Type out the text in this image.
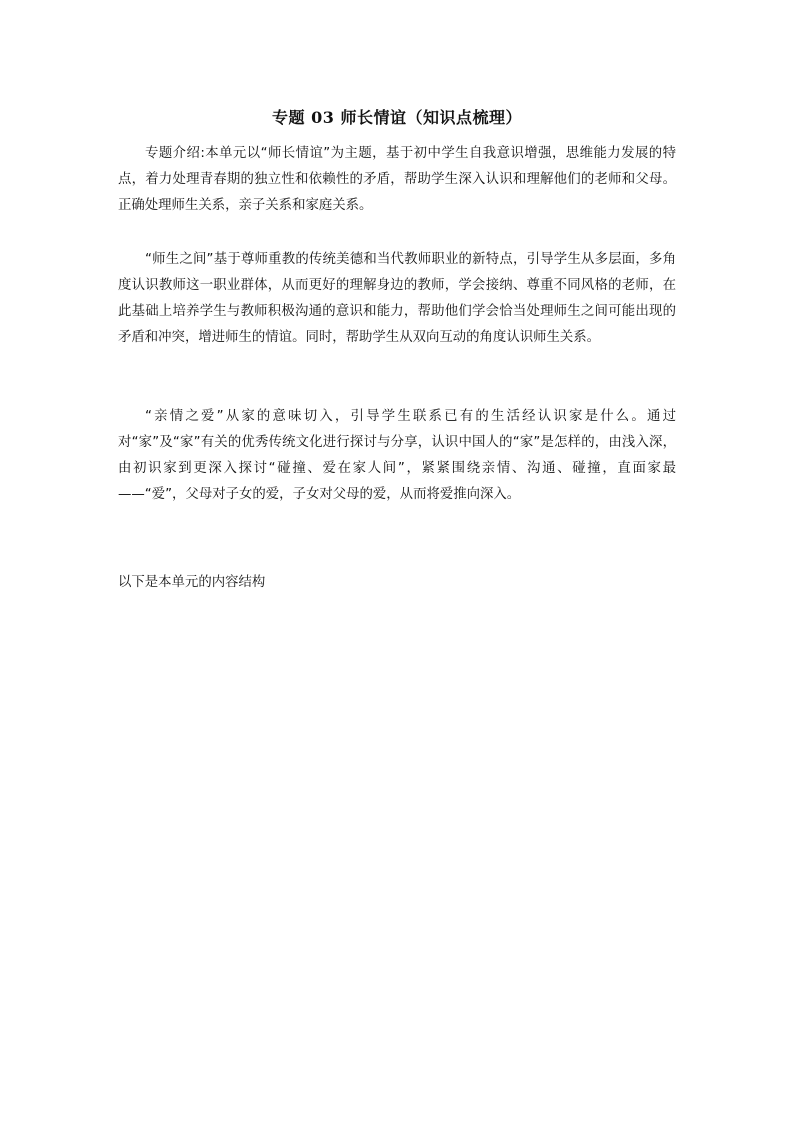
专题 03 师长情谊（知识点梳理）

专题介绍:本单元以“师长情谊”为主题，基于初中学生自我意识增强，思维能力发展的特点，着力处理青春期的独立性和依赖性的矛盾，帮助学生深入认识和理解他们的老师和父母。正确处理师生关系，亲子关系和家庭关系。

“师生之间”基于尊师重教的传统美德和当代教师职业的新特点，引导学生从多层面，多角度认识教师这一职业群体，从而更好的理解身边的教师，学会接纳、尊重不同风格的老师，在此基础上培养学生与教师积极沟通的意识和能力，帮助他们学会恰当处理师生之间可能出现的矛盾和冲突，增进师生的情谊。同时，帮助学生从双向互动的角度认识师生关系。

“亲情之爱”从家的意味切入，引导学生联系已有的生活经认识家是什么。通过对“家”及“家”有关的优秀传统文化进行探讨与分享，认识中国人的“家”是怎样的，由浅入深，由初识家到更深入探讨“碰撞、爱在家人间”，紧紧围绕亲情、沟通、碰撞，直面家最——“爱”，父母对子女的爱，子女对父母的爱，从而将爱推向深入。

以下是本单元的内容结构
